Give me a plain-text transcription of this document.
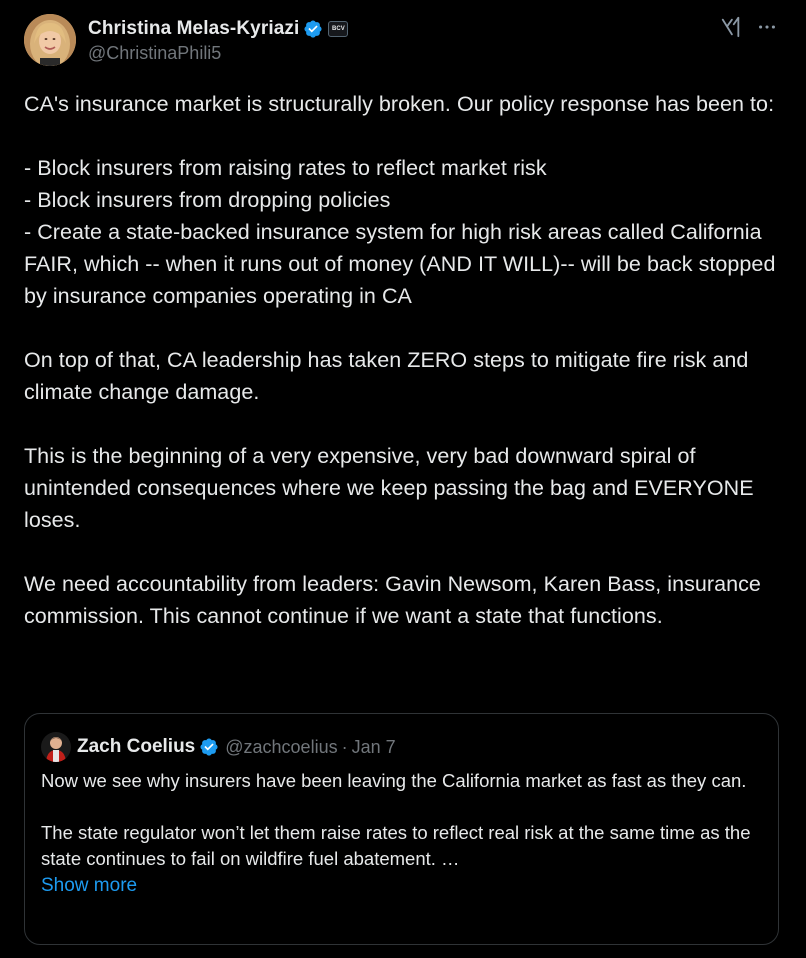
Christina Melas-Kyriazi	BCV
@ChristinaPhili5
CA's insurance market is structurally broken. Our policy response has been to:

- Block insurers from raising rates to reflect market risk
- Block insurers from dropping policies
- Create a state-backed insurance system for high risk areas called California FAIR, which -- when it runs out of money (AND IT WILL)-- will be back stopped by insurance companies operating in CA

On top of that, CA leadership has taken ZERO steps to mitigate fire risk and climate change damage.

This is the beginning of a very expensive, very bad downward spiral of unintended consequences where we keep passing the bag and EVERYONE loses.

We need accountability from leaders: Gavin Newsom, Karen Bass, insurance commission. This cannot continue if we want a state that functions.
Zach Coelius @zachcoelius · Jan 7
Now we see why insurers have been leaving the California market as fast as they can.

The state regulator won’t let them raise rates to reflect real risk at the same time as the state continues to fail on wildfire fuel abatement. …
Show more
